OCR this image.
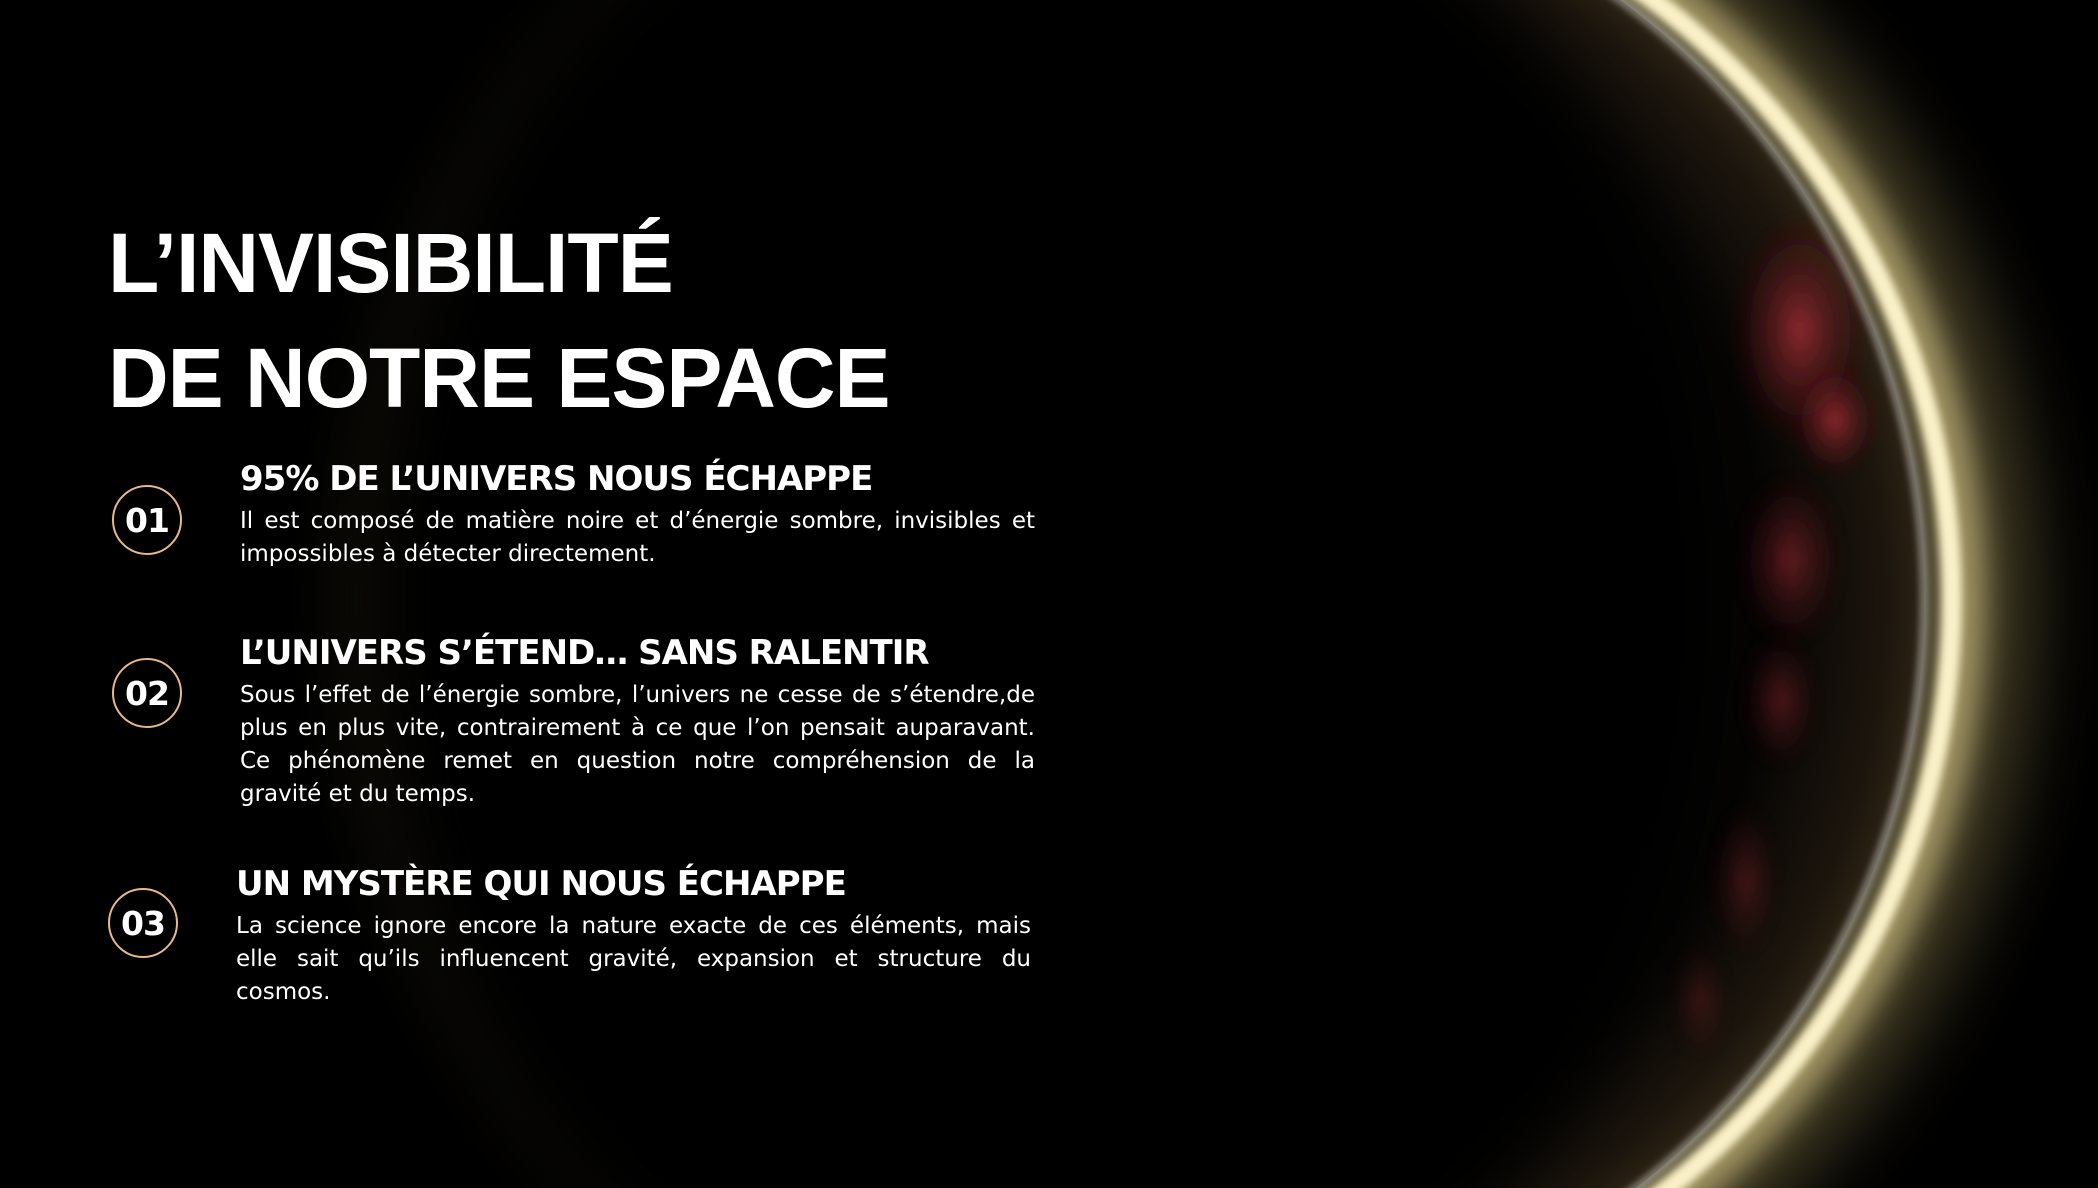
L’INVISIBILITÉ
DE NOTRE ESPACE
01
95% DE L’UNIVERS NOUS ÉCHAPPE

Il est composé de matière noire et d’énergie sombre, invisibles et impossibles à détecter directement.

02
L’UNIVERS S’ÉTEND… SANS RALENTIR

Sous l’effet de l’énergie sombre, l’univers ne cesse de s’étendre,de plus en plus vite, contrairement à ce que l’on pensait auparavant. Ce phénomène remet en question notre compréhension de la gravité et du temps.

03
UN MYSTÈRE QUI NOUS ÉCHAPPE

La science ignore encore la nature exacte de ces éléments, mais elle sait qu’ils influencent gravité, expansion et structure du cosmos.
